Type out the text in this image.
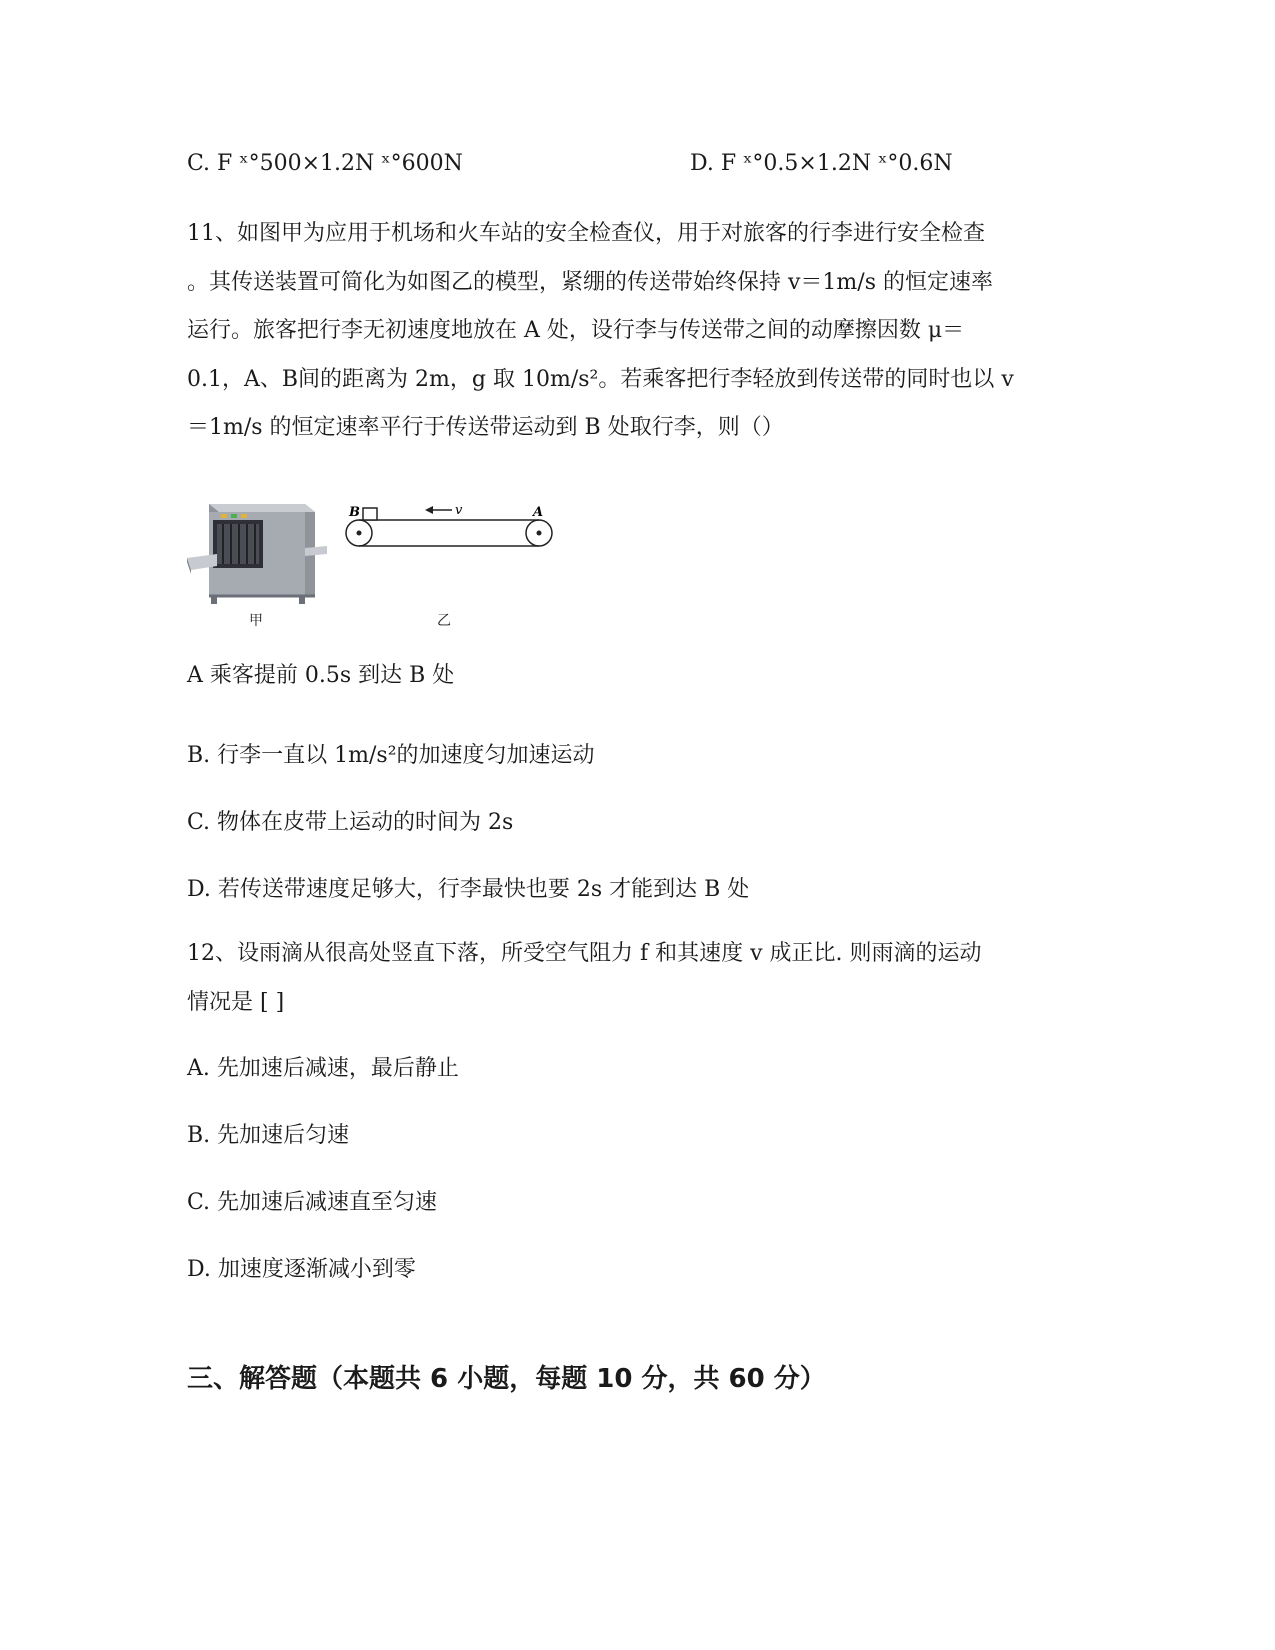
C. F ˣ°500×1.2N ˣ°600N	D. F ˣ°0.5×1.2N ˣ°0.6N
11、如图甲为应用于机场和火车站的安全检查仪，用于对旅客的行李进行安全检查
。其传送装置可简化为如图乙的模型，紧绷的传送带始终保持 v＝1m/s 的恒定速率
运行。旅客把行李无初速度地放在 A 处，设行李与传送带之间的动摩擦因数 μ＝
0.1，A、B间的距离为 2m，g 取 10m/s²。若乘客把行李轻放到传送带的同时也以 v
＝1m/s 的恒定速率平行于传送带运动到 B 处取行李，则（）
B	v	A
甲	乙
A 乘客提前 0.5s 到达 B 处
B. 行李一直以 1m/s²的加速度匀加速运动
C. 物体在皮带上运动的时间为 2s
D. 若传送带速度足够大，行李最快也要 2s 才能到达 B 处
12、设雨滴从很高处竖直下落，所受空气阻力 f 和其速度 v 成正比. 则雨滴的运动
情况是 [ ]
A. 先加速后减速，最后静止
B. 先加速后匀速
C. 先加速后减速直至匀速
D. 加速度逐渐减小到零
三、解答题（本题共 6 小题，每题 10 分，共 60 分）
